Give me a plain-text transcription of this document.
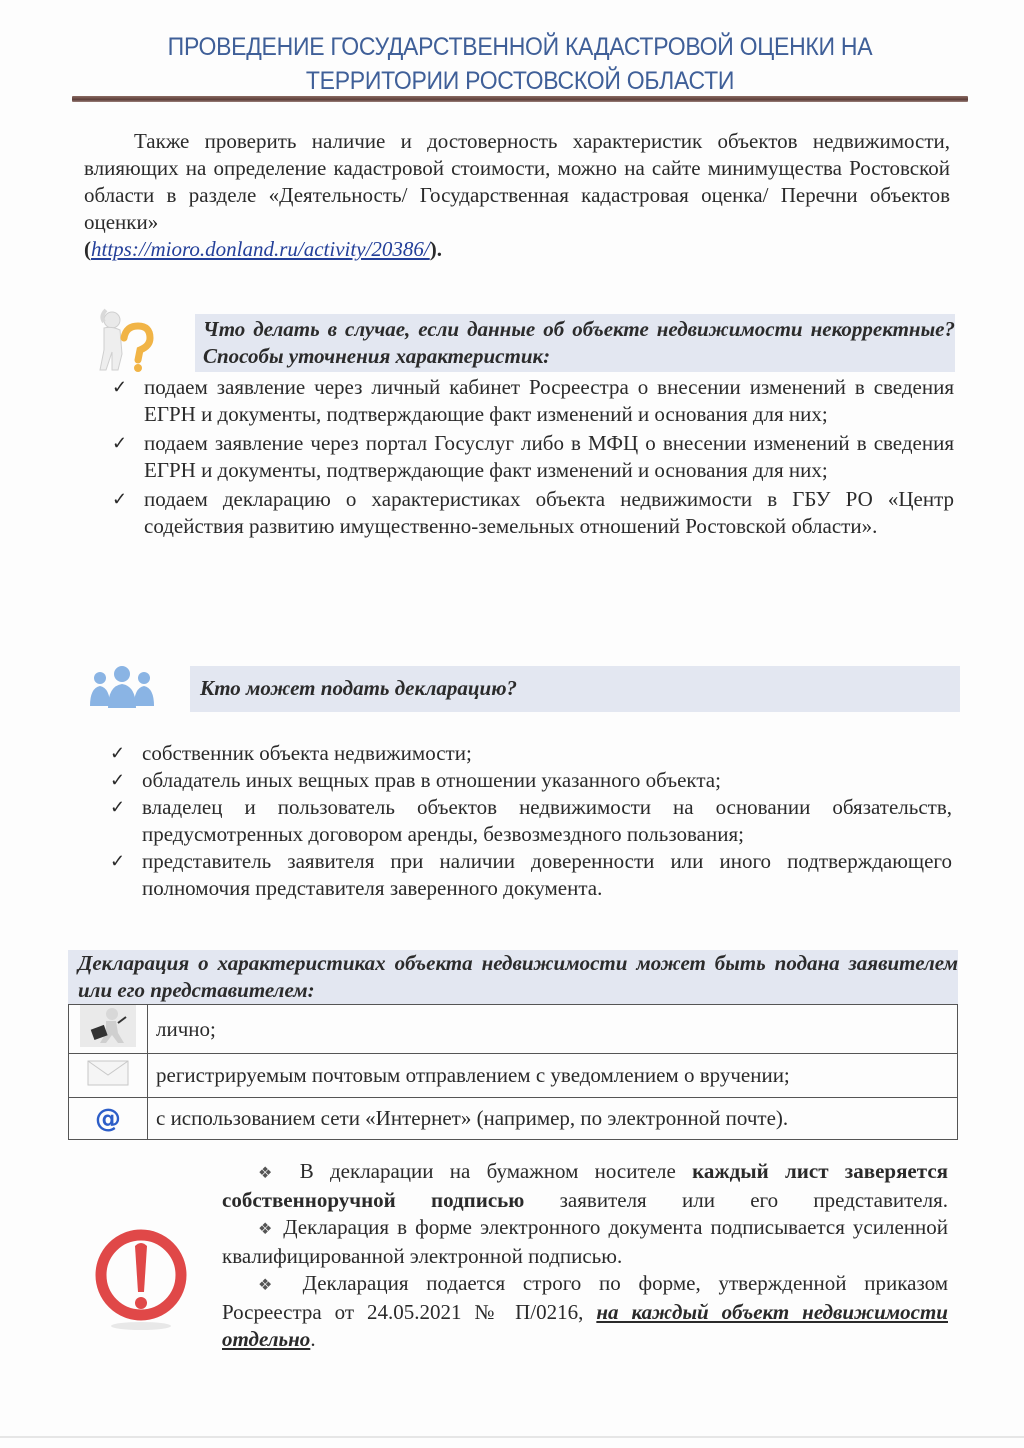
ПРОВЕДЕНИЕ ГОСУДАРСТВЕННОЙ КАДАСТРОВОЙ ОЦЕНКИ НА
ТЕРРИТОРИИ РОСТОВСКОЙ ОБЛАСТИ
Также проверить наличие и достоверность характеристик объектов недвижимости, влияющих на определение кадастровой стоимости, можно на сайте минимущества Ростовской области в разделе «Деятельность/ Государственная кадастровая оценка/ Перечни объектов оценки»
(https://mioro.donland.ru/activity/20386/).
Что делать в случае, если данные об объекте недвижимости некорректные? Способы уточнения характеристик:
✓ подаем заявление через личный кабинет Росреестра о внесении изменений в сведения ЕГРН и документы, подтверждающие факт изменений и основания для них;
✓ подаем заявление через портал Госуслуг либо в МФЦ о внесении изменений в сведения ЕГРН и документы, подтверждающие факт изменений и основания для них;
✓ подаем декларацию о характеристиках объекта недвижимости в ГБУ РО «Центр содействия развитию имущественно-земельных отношений Ростовской области».
Кто может подать декларацию?
✓ собственник объекта недвижимости;
✓ обладатель иных вещных прав в отношении указанного объекта;
✓ владелец и пользователь объектов недвижимости на основании обязательств, предусмотренных договором аренды, безвозмездного пользования;
✓ представитель заявителя при наличии доверенности или иного подтверждающего полномочия представителя заверенного документа.
Декларация о характеристиках объекта недвижимости может быть подана заявителем или его представителем:
	лично;
	регистрируемым почтовым отправлением с уведомлением о вручении;
@	с использованием сети «Интернет» (например, по электронной почте).

❖ В декларации на бумажном носителе каждый лист заверяется собственноручной подписью заявителя или его представителя.

❖ Декларация в форме электронного документа подписывается усиленной квалифицированной электронной подписью.

❖ Декларация подается строго по форме, утвержденной приказом Росреестра от 24.05.2021 № П/0216, на каждый объект недвижимости отдельно.
